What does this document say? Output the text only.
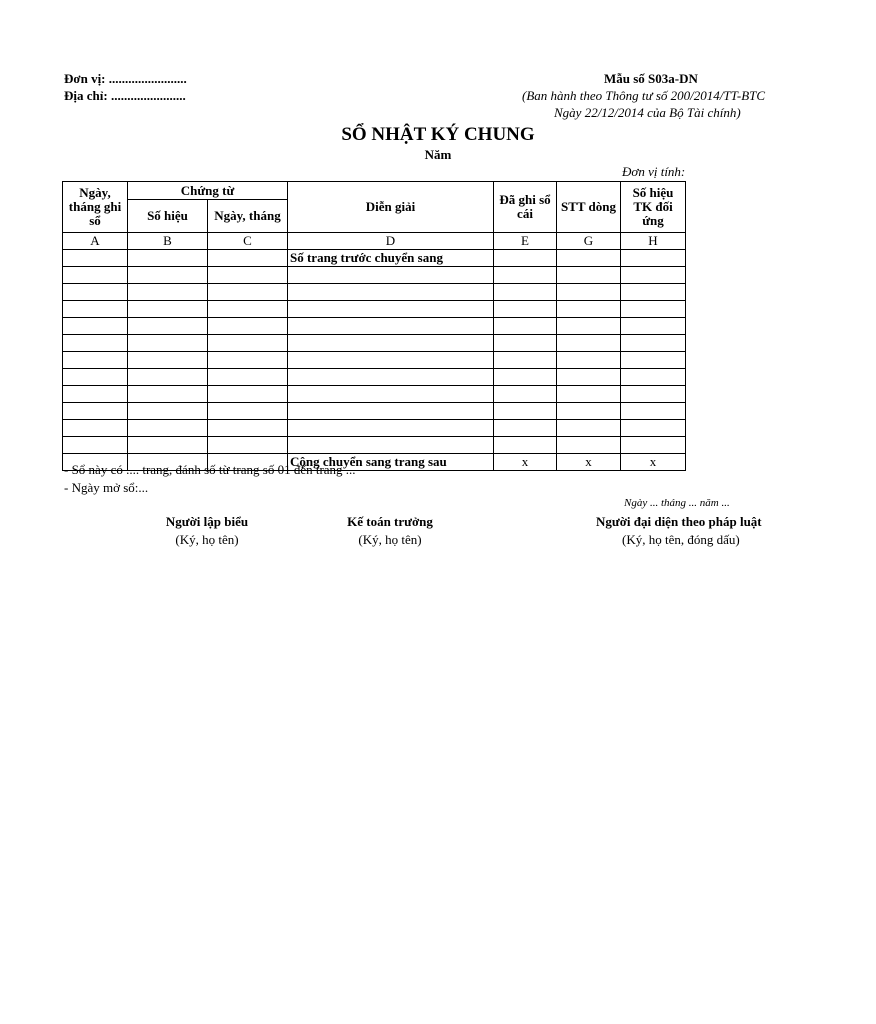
Đơn vị: ........................
Địa chỉ: .......................
Mẫu số S03a-DN
(Ban hành theo Thông tư số 200/2014/TT-BTC
Ngày 22/12/2014 của Bộ Tài chính)
SỔ NHẬT KÝ CHUNG
Năm
Đơn vị tính:
Ngày, tháng ghi sổ	Chứng từ		Diễn giải	Đã ghi sổ cái	STT dòng	Số hiệu TK đối ứng
	Số hiệu	Ngày, tháng				
A	B	C	D	E	G	H
			Số trang trước chuyển sang			

			Cộng chuyển sang trang sau	x	x	x
- Sổ này có .... trang, đánh số từ trang số 01 đến trang ...
- Ngày mở sổ:...
Ngày ... tháng ... năm ...
Người lập biểu
(Ký, họ tên)
Kế toán trưởng
(Ký, họ tên)
Người đại diện theo pháp luật
(Ký, họ tên, đóng dấu)
